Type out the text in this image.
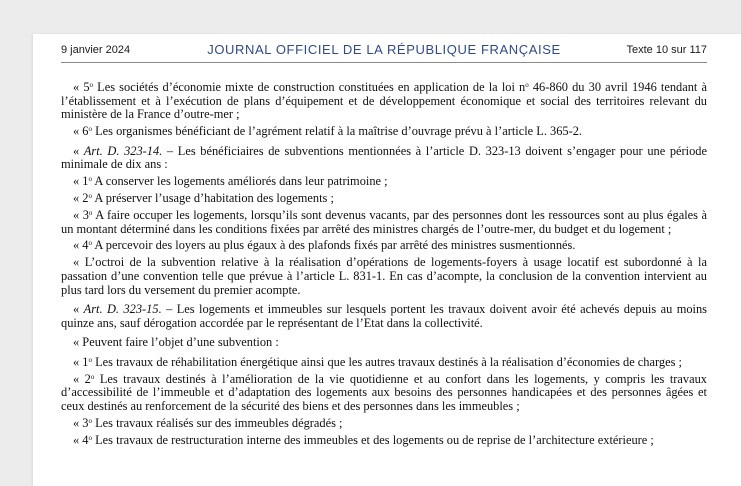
9 janvier 2024	JOURNAL OFFICIEL DE LA RÉPUBLIQUE FRANÇAISE	Texte 10 sur 117

« 5$^o$ Les sociétés d’économie mixte de construction constituées en application de la loi $n^o$ 46-860 du 30 avril 1946 tendant à l’établissement et à l’exécution de plans d’équipement et de développement économique et social des territoires relevant du ministère de la France d’outre-mer ;

« 6$^o$ Les organismes bénéficiant de l’agrément relatif à la maîtrise d’ouvrage prévu à l’article L. 365-2.

« Art. D. 323-14. – Les bénéficiaires de subventions mentionnées à l’article D. 323-13 doivent s’engager pour une période minimale de dix ans :

« 1$^o$ A conserver les logements améliorés dans leur patrimoine ;

« 2$^o$ A préserver l’usage d’habitation des logements ;

« 3$^o$ A faire occuper les logements, lorsqu’ils sont devenus vacants, par des personnes dont les ressources sont au plus égales à un montant déterminé dans les conditions fixées par arrêté des ministres chargés de l’outre-mer, du budget et du logement ;

« 4$^o$ A percevoir des loyers au plus égaux à des plafonds fixés par arrêté des ministres susmentionnés.

« L’octroi de la subvention relative à la réalisation d’opérations de logements-foyers à usage locatif est subordonné à la passation d’une convention telle que prévue à l’article L. 831-1. En cas d’acompte, la conclusion de la convention intervient au plus tard lors du versement du premier acompte.

« Art. D. 323-15. – Les logements et immeubles sur lesquels portent les travaux doivent avoir été achevés depuis au moins quinze ans, sauf dérogation accordée par le représentant de l’Etat dans la collectivité.

« Peuvent faire l’objet d’une subvention :

« 1$^o$ Les travaux de réhabilitation énergétique ainsi que les autres travaux destinés à la réalisation d’économies de charges ;

« 2$^o$ Les travaux destinés à l’amélioration de la vie quotidienne et au confort dans les logements, y compris les travaux d’accessibilité de l’immeuble et d’adaptation des logements aux besoins des personnes handicapées et des personnes âgées et ceux destinés au renforcement de la sécurité des biens et des personnes dans les immeubles ;

« 3$^o$ Les travaux réalisés sur des immeubles dégradés ;

« 4$^o$ Les travaux de restructuration interne des immeubles et des logements ou de reprise de l’architecture extérieure ;
